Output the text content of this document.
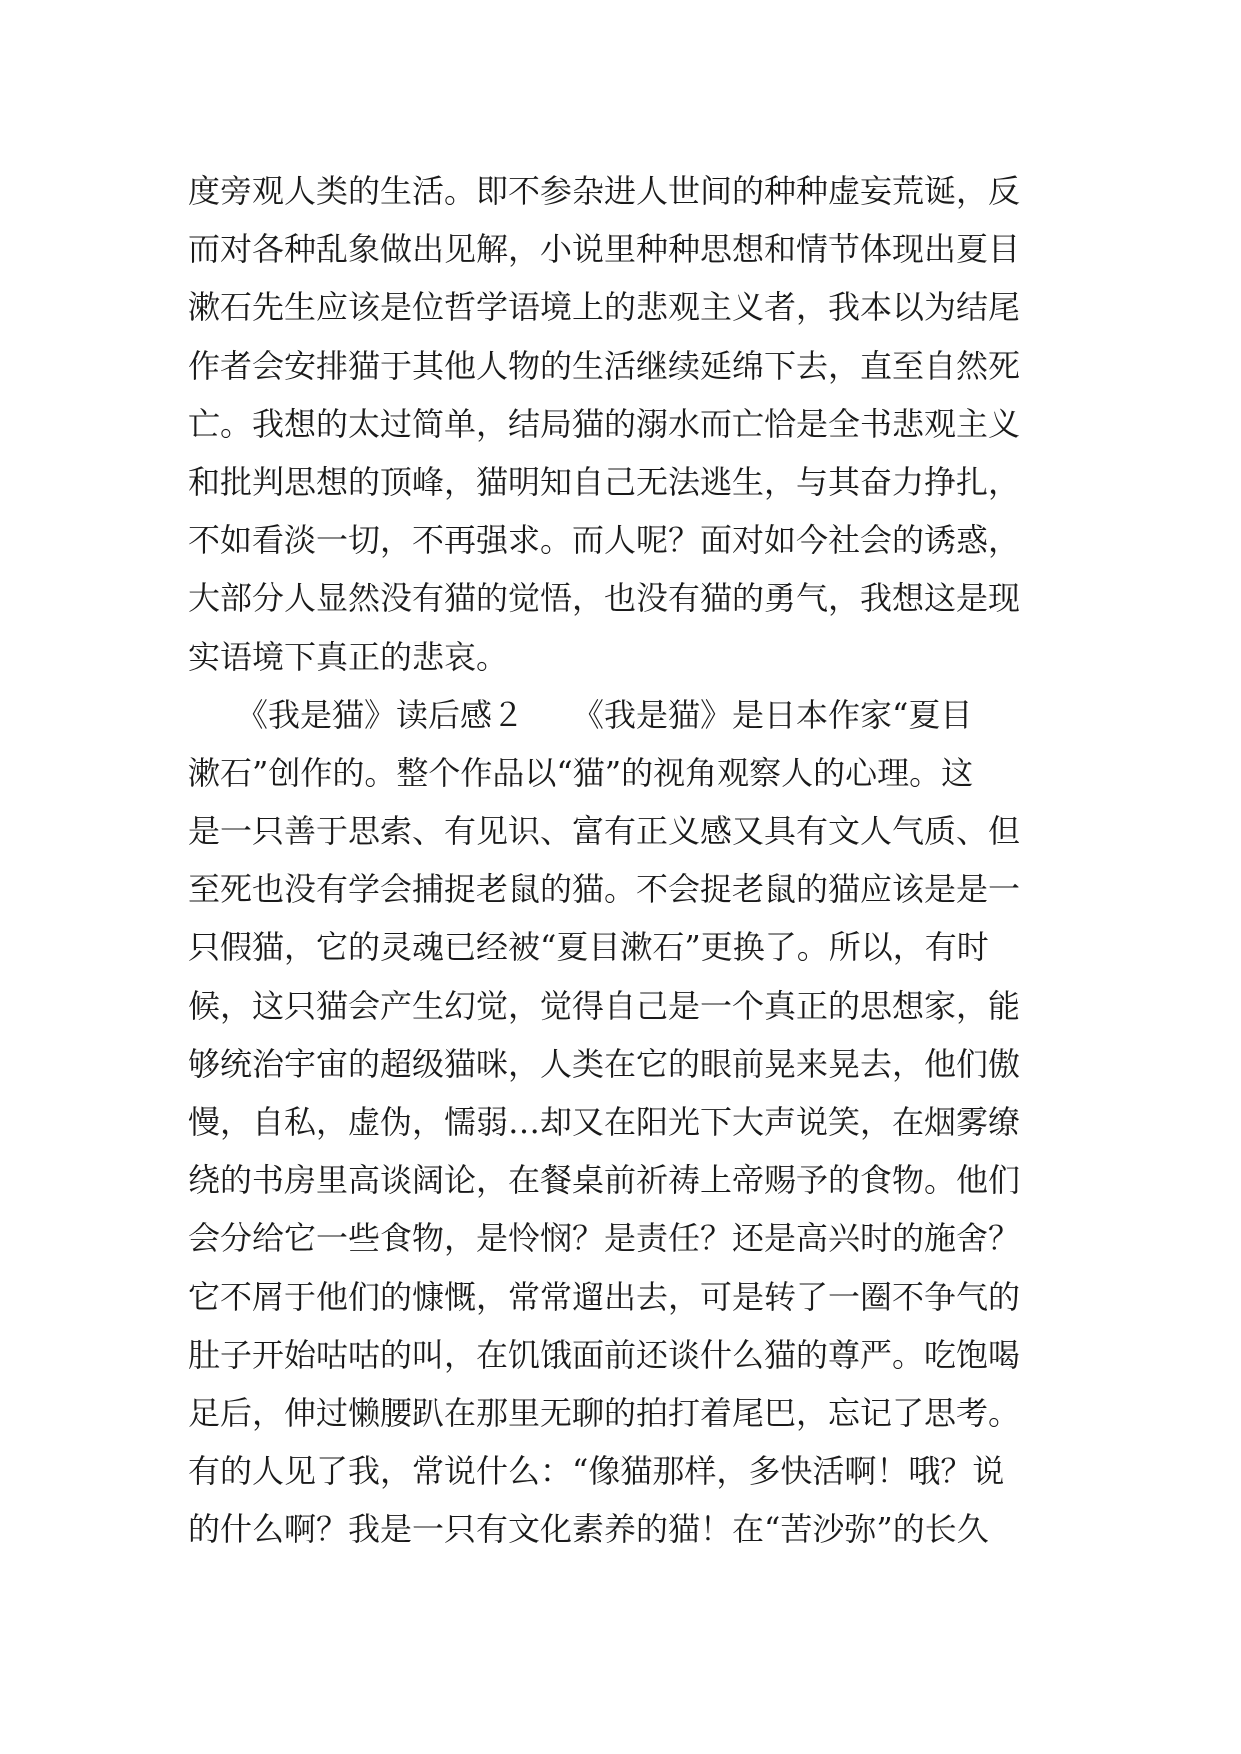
度旁观人类的生活。即不参杂进人世间的种种虚妄荒诞，反
而对各种乱象做出见解，小说里种种思想和情节体现出夏目
漱石先生应该是位哲学语境上的悲观主义者，我本以为结尾
作者会安排猫于其他人物的生活继续延绵下去，直至自然死
亡。我想的太过简单，结局猫的溺水而亡恰是全书悲观主义
和批判思想的顶峰，猫明知自己无法逃生，与其奋力挣扎，
不如看淡一切，不再强求。而人呢？面对如今社会的诱惑，
大部分人显然没有猫的觉悟，也没有猫的勇气，我想这是现
实语境下真正的悲哀。
　　《我是猫》读后感２　　《我是猫》是日本作家“夏目
漱石”创作的。整个作品以“猫”的视角观察人的心理。这
是一只善于思索、有见识、富有正义感又具有文人气质、但
至死也没有学会捕捉老鼠的猫。不会捉老鼠的猫应该是是一
只假猫，它的灵魂已经被“夏目漱石”更换了。所以，有时
候，这只猫会产生幻觉，觉得自己是一个真正的思想家，能
够统治宇宙的超级猫咪，人类在它的眼前晃来晃去，他们傲
慢，自私，虚伪，懦弱…却又在阳光下大声说笑，在烟雾缭
绕的书房里高谈阔论，在餐桌前祈祷上帝赐予的食物。他们
会分给它一些食物，是怜悯？是责任？还是高兴时的施舍？
它不屑于他们的慷慨，常常遛出去，可是转了一圈不争气的
肚子开始咕咕的叫，在饥饿面前还谈什么猫的尊严。吃饱喝
足后，伸过懒腰趴在那里无聊的拍打着尾巴，忘记了思考。
有的人见了我，常说什么：“像猫那样，多快活啊！哦？说
的什么啊？我是一只有文化素养的猫！在“苦沙弥”的长久
